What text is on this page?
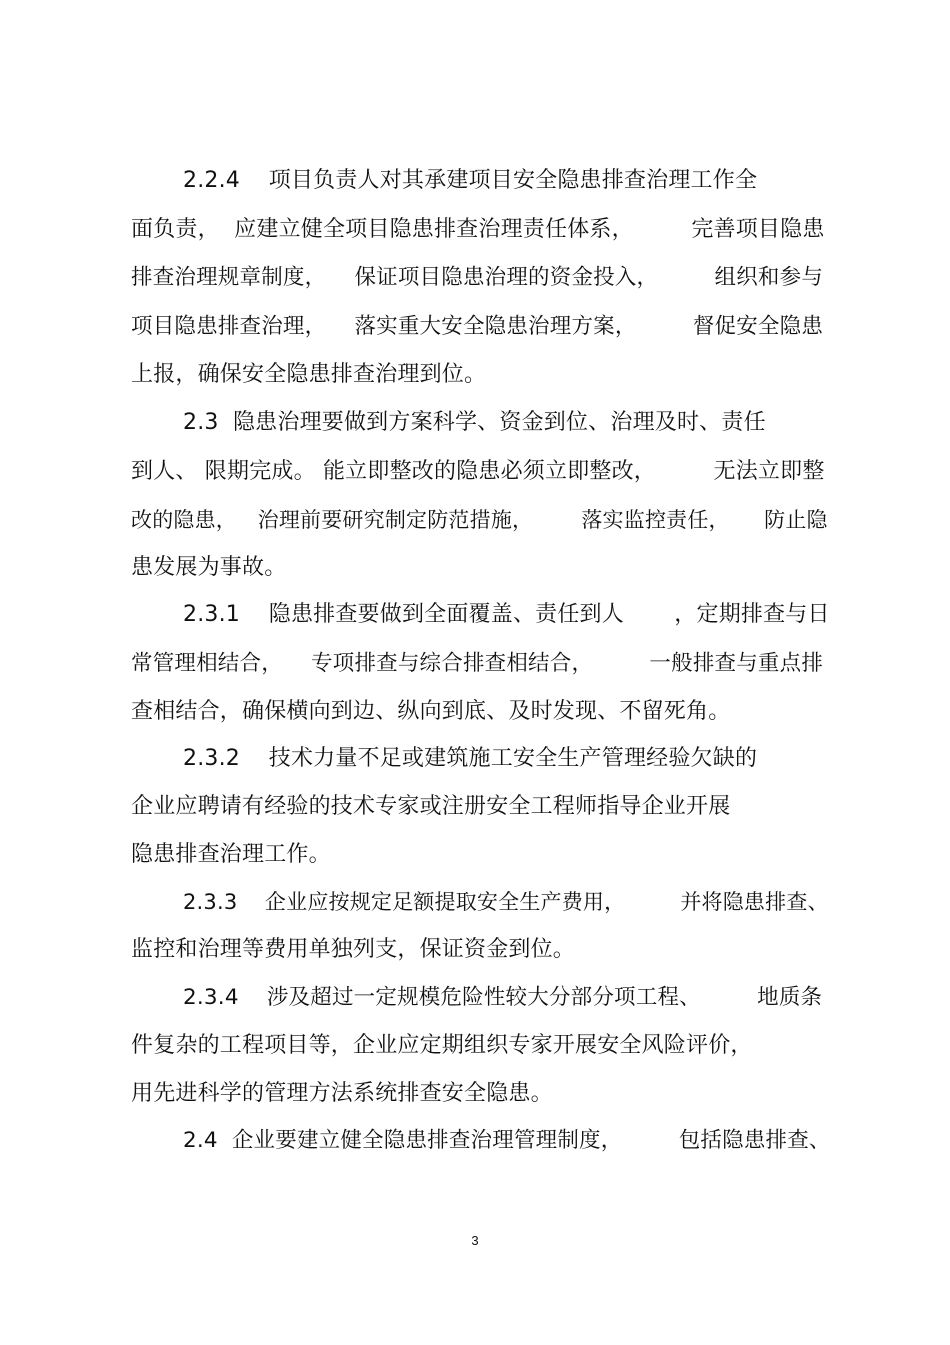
2.2.4    项目负责人对其承建项目安全隐患排查治理工作全
面负责，  应建立健全项目隐患排查治理责任体系，        完善项目隐患
排查治理规章制度，    保证项目隐患治理的资金投入，        组织和参与
项目隐患排查治理，    落实重大安全隐患治理方案，        督促安全隐患
上报，确保安全隐患排查治理到位。
2.3  隐患治理要做到方案科学、资金到位、治理及时、责任
到人、 限期完成。 能立即整改的隐患必须立即整改，        无法立即整
改的隐患，   治理前要研究制定防范措施，       落实监控责任，     防止隐
患发展为事故。
2.3.1    隐患排查要做到全面覆盖、责任到人       ，定期排查与日
常管理相结合，    专项排查与综合排查相结合，        一般排查与重点排
查相结合，确保横向到边、纵向到底、及时发现、不留死角。
2.3.2    技术力量不足或建筑施工安全生产管理经验欠缺的
企业应聘请有经验的技术专家或注册安全工程师指导企业开展
隐患排查治理工作。
2.3.3    企业应按规定足额提取安全生产费用，        并将隐患排查、
监控和治理等费用单独列支，保证资金到位。
2.3.4    涉及超过一定规模危险性较大分部分项工程、        地质条
件复杂的工程项目等，企业应定期组织专家开展安全风险评价，
用先进科学的管理方法系统排查安全隐患。
2.4  企业要建立健全隐患排查治理管理制度，        包括隐患排查、
3
